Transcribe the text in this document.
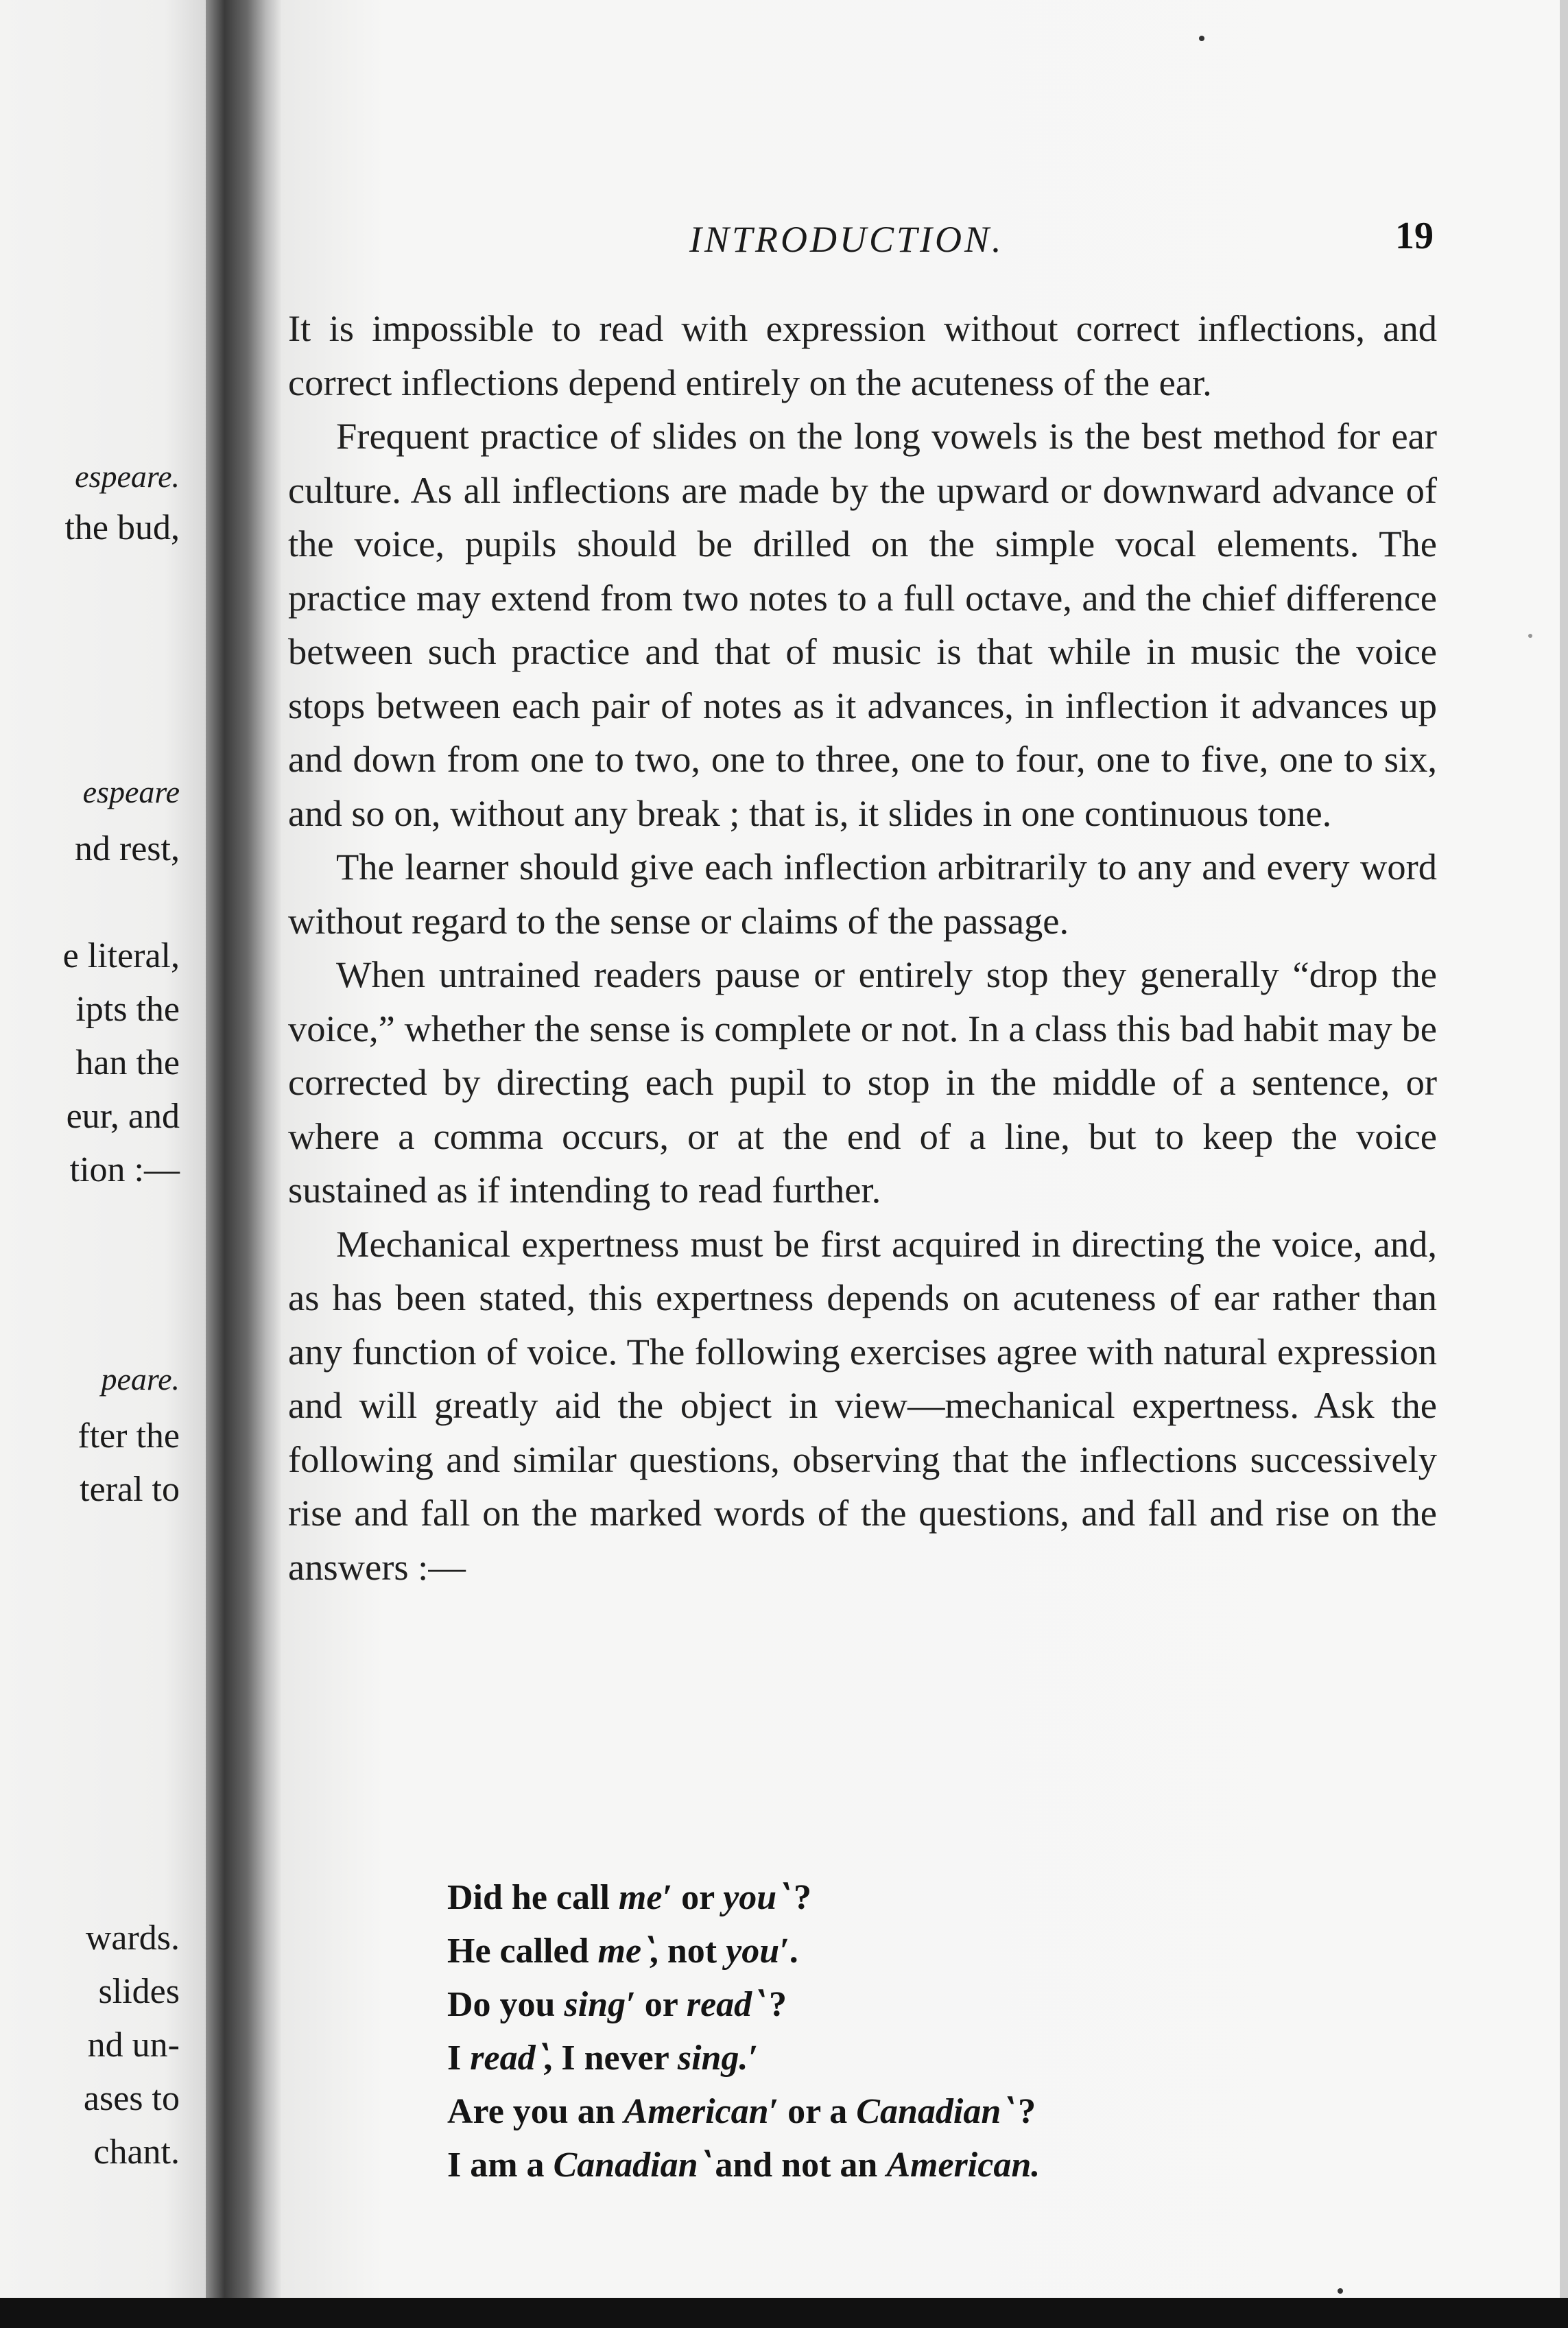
espeare.
the bud,
espeare
nd rest,
e literal,
ipts the
han the
eur, and
tion :—
peare.
fter the
teral to
wards.
slides
nd un-
ases to
chant.
INTRODUCTION.	19

It is impossible to read with expression without correct inflections, and correct inflections depend entirely on the acuteness of the ear.

Frequent practice of slides on the long vowels is the best method for ear culture. As all inflections are made by the upward or downward advance of the voice, pupils should be drilled on the simple vocal elements. The practice may extend from two notes to a full octave, and the chief difference between such practice and that of music is that while in music the voice stops between each pair of notes as it advances, in inflection it advances up and down from one to two, one to three, one to four, one to five, one to six, and so on, without any break ; that is, it slides in one continuous tone.

The learner should give each inflection arbitrarily to any and every word without regard to the sense or claims of the passage.

When untrained readers pause or entirely stop they generally “drop the voice,” whether the sense is complete or not. In a class this bad habit may be corrected by directing each pupil to stop in the middle of a sentence, or where a comma occurs, or at the end of a line, but to keep the voice sustained as if intending to read further.

Mechanical expertness must be first acquired in directing the voice, and, as has been stated, this expertness depends on acuteness of ear rather than any function of voice. The following exercises agree with natural expression and will greatly aid the object in view—mechanical expertness. Ask the following and similar questions, observing that the inflections successively rise and fall on the marked words of the questions, and fall and rise on the answers :—

Did he call me′ or you‵ ?
He called me‵, not you′.
Do you sing′ or read‵ ?
I read‵, I never sing.′
Are you an American′ or a Canadian‵ ?
I am a Canadian‵ and not an American.
